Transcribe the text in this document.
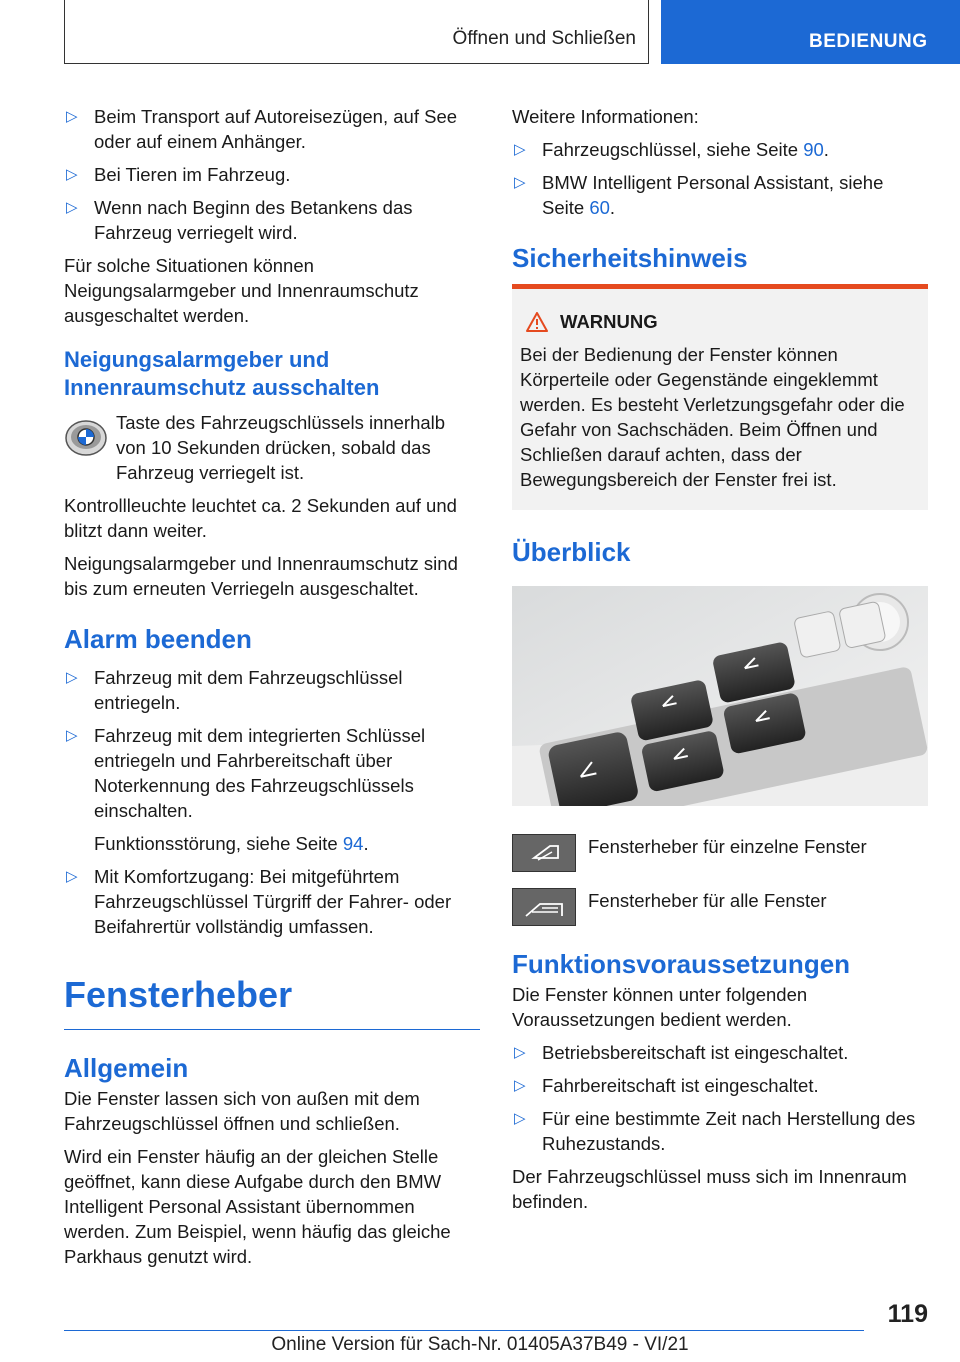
Öffnen und Schließen	BEDIENUNG
▷ Beim Transport auf Autoreisezügen, auf See oder auf einem Anhänger.
▷ Bei Tieren im Fahrzeug.
▷ Wenn nach Beginn des Betankens das Fahrzeug verriegelt wird.

Für solche Situationen können Neigungsalarmgeber und Innenraumschutz ausgeschaltet werden.

Neigungsalarmgeber und Innenraumschutz ausschalten
Taste des Fahrzeugschlüssels innerhalb von 10 Sekunden drücken, sobald das Fahrzeug verriegelt ist.

Kontrollleuchte leuchtet ca. 2 Sekunden auf und blitzt dann weiter.

Neigungsalarmgeber und Innenraumschutz sind bis zum erneuten Verriegeln ausgeschaltet.

Alarm beenden
▷ Fahrzeug mit dem Fahrzeugschlüssel entriegeln.
▷ Fahrzeug mit dem integrierten Schlüssel entriegeln und Fahrbereitschaft über Noterkennung des Fahrzeugschlüssels einschalten.

Funktionsstörung, siehe Seite 94.

▷ Mit Komfortzugang: Bei mitgeführtem Fahrzeugschlüssel Türgriff der Fahrer- oder Beifahrertür vollständig umfassen.
Fensterheber
Allgemein

Die Fenster lassen sich von außen mit dem Fahrzeugschlüssel öffnen und schließen.

Wird ein Fenster häufig an der gleichen Stelle geöffnet, kann diese Aufgabe durch den BMW Intelligent Personal Assistant übernommen werden. Zum Beispiel, wenn häufig das gleiche Parkhaus genutzt wird.

Weitere Informationen:

▷ Fahrzeugschlüssel, siehe Seite 90.
▷ BMW Intelligent Personal Assistant, siehe Seite 60.
Sicherheitshinweis
WARNUNG
Bei der Bedienung der Fenster können Körperteile oder Gegenstände eingeklemmt werden. Es besteht Verletzungsgefahr oder die Gefahr von Sachschäden. Beim Öffnen und Schließen darauf achten, dass der Bewegungsbereich der Fenster frei ist.
Überblick
Fensterheber für einzelne Fenster
Fensterheber für alle Fenster
Funktionsvoraussetzungen

Die Fenster können unter folgenden Voraussetzungen bedient werden.

▷ Betriebsbereitschaft ist eingeschaltet.
▷ Fahrbereitschaft ist eingeschaltet.
▷ Für eine bestimmte Zeit nach Herstellung des Ruhezustands.

Der Fahrzeugschlüssel muss sich im Innenraum befinden.

119
Online Version für Sach-Nr. 01405A37B49 - VI/21
